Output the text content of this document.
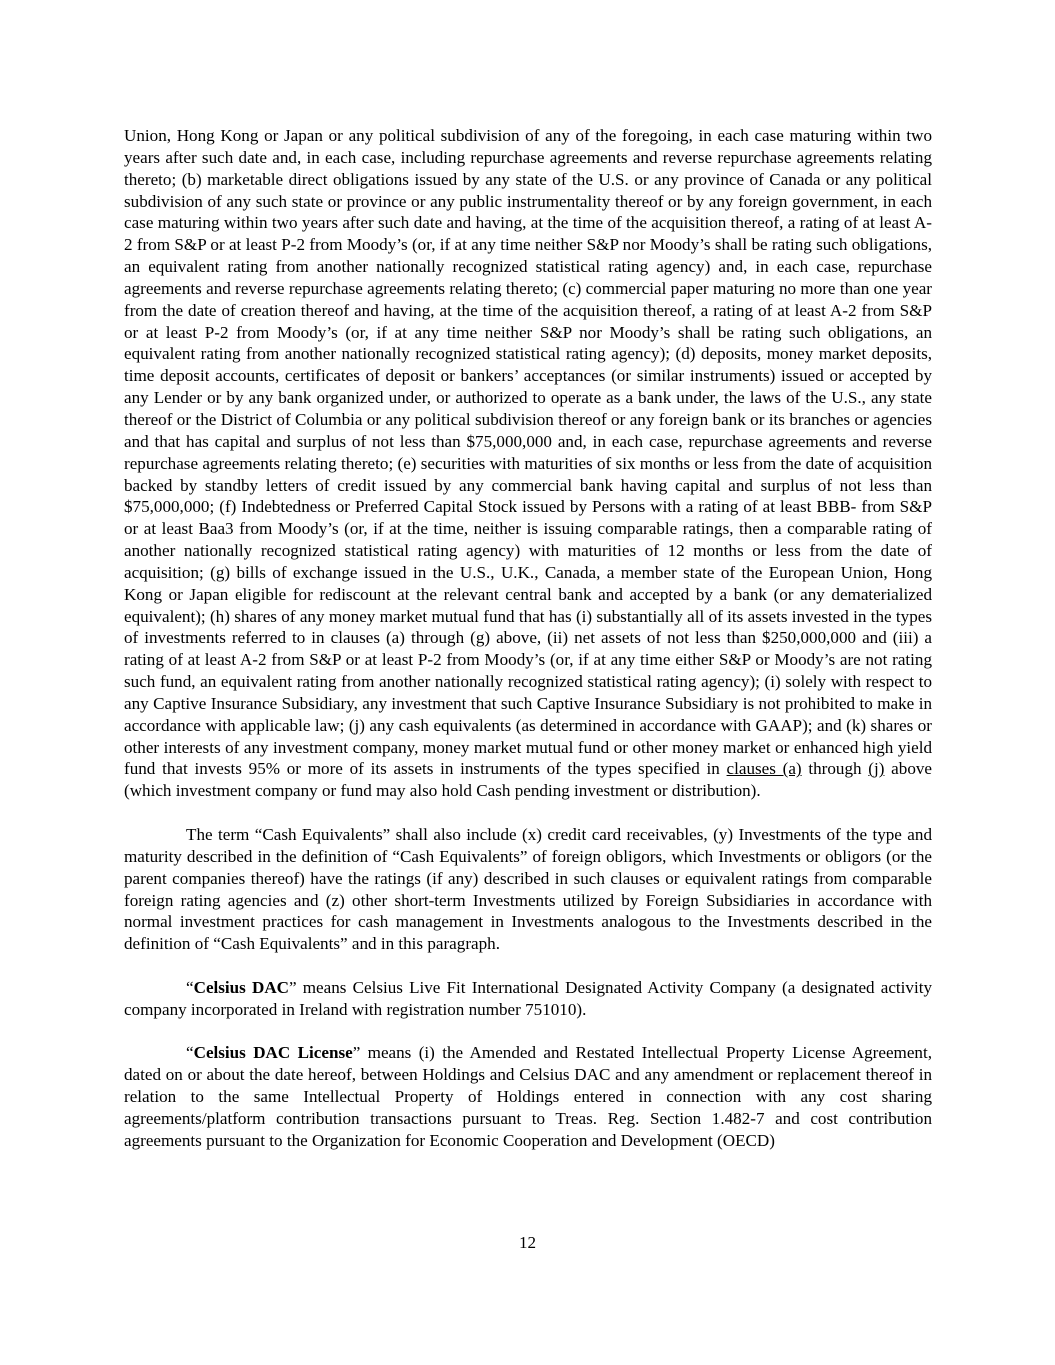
Union, Hong Kong or Japan or any political subdivision of any of the foregoing, in each case maturing within two years after such date and, in each case, including repurchase agreements and reverse repurchase agreements relating thereto; (b) marketable direct obligations issued by any state of the U.S. or any province of Canada or any political subdivision of any such state or province or any public instrumentality thereof or by any foreign government, in each case maturing within two years after such date and having, at the time of the acquisition thereof, a rating of at least A-2 from S&P or at least P-2 from Moody’s (or, if at any time neither S&P nor Moody’s shall be rating such obligations, an equivalent rating from another nationally recognized statistical rating agency) and, in each case, repurchase agreements and reverse repurchase agreements relating thereto; (c) commercial paper maturing no more than one year from the date of creation thereof and having, at the time of the acquisition thereof, a rating of at least A-2 from S&P or at least P-2 from Moody’s (or, if at any time neither S&P nor Moody’s shall be rating such obligations, an equivalent rating from another nationally recognized statistical rating agency); (d) deposits, money market deposits, time deposit accounts, certificates of deposit or bankers’ acceptances (or similar instruments) issued or accepted by any Lender or by any bank organized under, or authorized to operate as a bank under, the laws of the U.S., any state thereof or the District of Columbia or any political subdivision thereof or any foreign bank or its branches or agencies and that has capital and surplus of not less than $75,000,000 and, in each case, repurchase agreements and reverse repurchase agreements relating thereto; (e) securities with maturities of six months or less from the date of acquisition backed by standby letters of credit issued by any commercial bank having capital and surplus of not less than $75,000,000; (f) Indebtedness or Preferred Capital Stock issued by Persons with a rating of at least BBB- from S&P or at least Baa3 from Moody’s (or, if at the time, neither is issuing comparable ratings, then a comparable rating of another nationally recognized statistical rating agency) with maturities of 12 months or less from the date of acquisition; (g) bills of exchange issued in the U.S., U.K., Canada, a member state of the European Union, Hong Kong or Japan eligible for rediscount at the relevant central bank and accepted by a bank (or any dematerialized equivalent); (h) shares of any money market mutual fund that has (i) substantially all of its assets invested in the types of investments referred to in clauses (a) through (g) above, (ii) net assets of not less than $250,000,000 and (iii) a rating of at least A-2 from S&P or at least P-2 from Moody’s (or, if at any time either S&P or Moody’s are not rating such fund, an equivalent rating from another nationally recognized statistical rating agency); (i) solely with respect to any Captive Insurance Subsidiary, any investment that such Captive Insurance Subsidiary is not prohibited to make in accordance with applicable law; (j) any cash equivalents (as determined in accordance with GAAP); and (k) shares or other interests of any investment company, money market mutual fund or other money market or enhanced high yield fund that invests 95% or more of its assets in instruments of the types specified in clauses (a) through (j) above (which investment company or fund may also hold Cash pending investment or distribution).

The term “Cash Equivalents” shall also include (x) credit card receivables, (y) Investments of the type and maturity described in the definition of “Cash Equivalents” of foreign obligors, which Investments or obligors (or the parent companies thereof) have the ratings (if any) described in such clauses or equivalent ratings from comparable foreign rating agencies and (z) other short-term Investments utilized by Foreign Subsidiaries in accordance with normal investment practices for cash management in Investments analogous to the Investments described in the definition of “Cash Equivalents” and in this paragraph.

“Celsius DAC” means Celsius Live Fit International Designated Activity Company (a designated activity company incorporated in Ireland with registration number 751010).

“Celsius DAC License” means (i) the Amended and Restated Intellectual Property License Agreement, dated on or about the date hereof, between Holdings and Celsius DAC and any amendment or replacement thereof in relation to the same Intellectual Property of Holdings entered in connection with any cost sharing agreements/platform contribution transactions pursuant to Treas. Reg. Section 1.482-7 and cost contribution agreements pursuant to the Organization for Economic Cooperation and Development (OECD)

12
